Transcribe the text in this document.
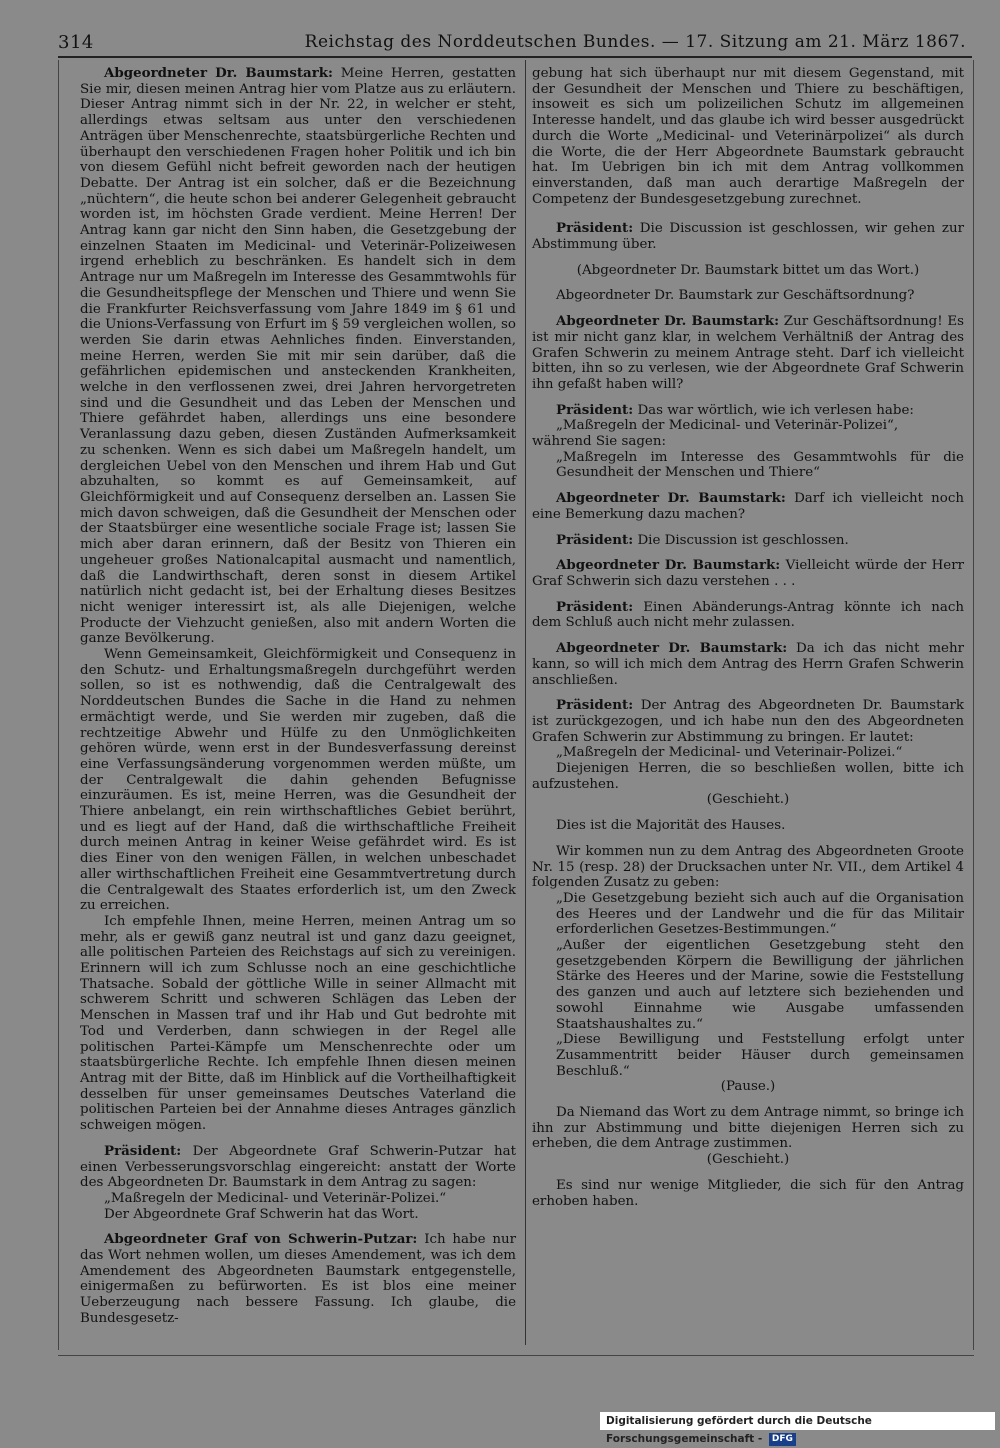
314	Reichstag des Norddeutschen Bundes. — 17. Sitzung am 21. März 1867.

Abgeordneter Dr. Baumstark: Meine Herren, gestatten Sie mir, diesen meinen Antrag hier vom Platze aus zu erläutern. Dieser Antrag nimmt sich in der Nr. 22, in welcher er steht, allerdings etwas seltsam aus unter den verschiedenen Anträgen über Menschenrechte, staatsbürgerliche Rechten und überhaupt den verschiedenen Fragen hoher Politik und ich bin von diesem Gefühl nicht befreit geworden nach der heutigen Debatte. Der Antrag ist ein solcher, daß er die Bezeichnung „nüchtern“, die heute schon bei anderer Gelegenheit gebraucht worden ist, im höchsten Grade verdient. Meine Herren! Der Antrag kann gar nicht den Sinn haben, die Gesetzgebung der einzelnen Staaten im Medicinal- und Veterinär-Polizeiwesen irgend erheblich zu beschränken. Es handelt sich in dem Antrage nur um Maßregeln im Interesse des Gesammtwohls für die Gesundheitspflege der Menschen und Thiere und wenn Sie die Frankfurter Reichsverfassung vom Jahre 1849 im § 61 und die Unions-Verfassung von Erfurt im § 59 vergleichen wollen, so werden Sie darin etwas Aehnliches finden. Einverstanden, meine Herren, werden Sie mit mir sein darüber, daß die gefährlichen epidemischen und ansteckenden Krankheiten, welche in den verflossenen zwei, drei Jahren hervorgetreten sind und die Gesundheit und das Leben der Menschen und Thiere gefährdet haben, allerdings uns eine besondere Veranlassung dazu geben, diesen Zuständen Aufmerksamkeit zu schenken. Wenn es sich dabei um Maßregeln handelt, um dergleichen Uebel von den Menschen und ihrem Hab und Gut abzuhalten, so kommt es auf Gemeinsamkeit, auf Gleichförmigkeit und auf Consequenz derselben an. Lassen Sie mich davon schweigen, daß die Gesundheit der Menschen oder der Staatsbürger eine wesentliche sociale Frage ist; lassen Sie mich aber daran erinnern, daß der Besitz von Thieren ein ungeheuer großes Nationalcapital ausmacht und namentlich, daß die Landwirthschaft, deren sonst in diesem Artikel natürlich nicht gedacht ist, bei der Erhaltung dieses Besitzes nicht weniger interessirt ist, als alle Diejenigen, welche Producte der Viehzucht genießen, also mit andern Worten die ganze Bevölkerung.

Wenn Gemeinsamkeit, Gleichförmigkeit und Consequenz in den Schutz- und Erhaltungsmaßregeln durchgeführt werden sollen, so ist es nothwendig, daß die Centralgewalt des Norddeutschen Bundes die Sache in die Hand zu nehmen ermächtigt werde, und Sie werden mir zugeben, daß die rechtzeitige Abwehr und Hülfe zu den Unmöglichkeiten gehören würde, wenn erst in der Bundesverfassung dereinst eine Verfassungsänderung vorgenommen werden müßte, um der Centralgewalt die dahin gehenden Befugnisse einzuräumen. Es ist, meine Herren, was die Gesundheit der Thiere anbelangt, ein rein wirthschaftliches Gebiet berührt, und es liegt auf der Hand, daß die wirthschaftliche Freiheit durch meinen Antrag in keiner Weise gefährdet wird. Es ist dies Einer von den wenigen Fällen, in welchen unbeschadet aller wirthschaftlichen Freiheit eine Gesammtvertretung durch die Centralgewalt des Staates erforderlich ist, um den Zweck zu erreichen.

Ich empfehle Ihnen, meine Herren, meinen Antrag um so mehr, als er gewiß ganz neutral ist und ganz dazu geeignet, alle politischen Parteien des Reichstags auf sich zu vereinigen. Erinnern will ich zum Schlusse noch an eine geschichtliche Thatsache. Sobald der göttliche Wille in seiner Allmacht mit schwerem Schritt und schweren Schlägen das Leben der Menschen in Massen traf und ihr Hab und Gut bedrohte mit Tod und Verderben, dann schwiegen in der Regel alle politischen Partei-Kämpfe um Menschenrechte oder um staatsbürgerliche Rechte. Ich empfehle Ihnen diesen meinen Antrag mit der Bitte, daß im Hinblick auf die Vortheilhaftigkeit desselben für unser gemeinsames Deutsches Vaterland die politischen Parteien bei der Annahme dieses Antrages gänzlich schweigen mögen.

Präsident: Der Abgeordnete Graf Schwerin-Putzar hat einen Verbesserungsvorschlag eingereicht: anstatt der Worte des Abgeordneten Dr. Baumstark in dem Antrag zu sagen:

„Maßregeln der Medicinal- und Veterinär-Polizei.“

Der Abgeordnete Graf Schwerin hat das Wort.

Abgeordneter Graf von Schwerin-Putzar: Ich habe nur das Wort nehmen wollen, um dieses Amendement, was ich dem Amendement des Abgeordneten Baumstark entgegenstelle, einigermaßen zu befürworten. Es ist blos eine meiner Ueberzeugung nach bessere Fassung. Ich glaube, die Bundesgesetz-

gebung hat sich überhaupt nur mit diesem Gegenstand, mit der Gesundheit der Menschen und Thiere zu beschäftigen, insoweit es sich um polizeilichen Schutz im allgemeinen Interesse handelt, und das glaube ich wird besser ausgedrückt durch die Worte „Medicinal- und Veterinärpolizei“ als durch die Worte, die der Herr Abgeordnete Baumstark gebraucht hat. Im Uebrigen bin ich mit dem Antrag vollkommen einverstanden, daß man auch derartige Maßregeln der Competenz der Bundesgesetzgebung zurechnet.

Präsident: Die Discussion ist geschlossen, wir gehen zur Abstimmung über.

(Abgeordneter Dr. Baumstark bittet um das Wort.)

Abgeordneter Dr. Baumstark zur Geschäftsordnung?

Abgeordneter Dr. Baumstark: Zur Geschäftsordnung! Es ist mir nicht ganz klar, in welchem Verhältniß der Antrag des Grafen Schwerin zu meinem Antrage steht. Darf ich vielleicht bitten, ihn so zu verlesen, wie der Abgeordnete Graf Schwerin ihn gefaßt haben will?

Präsident: Das war wörtlich, wie ich verlesen habe:

„Maßregeln der Medicinal- und Veterinär-Polizei“,

während Sie sagen:

„Maßregeln im Interesse des Gesammtwohls für die Gesundheit der Menschen und Thiere“

Abgeordneter Dr. Baumstark: Darf ich vielleicht noch eine Bemerkung dazu machen?

Präsident: Die Discussion ist geschlossen.

Abgeordneter Dr. Baumstark: Vielleicht würde der Herr Graf Schwerin sich dazu verstehen . . .

Präsident: Einen Abänderungs-Antrag könnte ich nach dem Schluß auch nicht mehr zulassen.

Abgeordneter Dr. Baumstark: Da ich das nicht mehr kann, so will ich mich dem Antrag des Herrn Grafen Schwerin anschließen.

Präsident: Der Antrag des Abgeordneten Dr. Baumstark ist zurückgezogen, und ich habe nun den des Abgeordneten Grafen Schwerin zur Abstimmung zu bringen. Er lautet:

„Maßregeln der Medicinal- und Veterinair-Polizei.“

Diejenigen Herren, die so beschließen wollen, bitte ich aufzustehen.

(Geschieht.)

Dies ist die Majorität des Hauses.

Wir kommen nun zu dem Antrag des Abgeordneten Groote Nr. 15 (resp. 28) der Drucksachen unter Nr. VII., dem Artikel 4 folgenden Zusatz zu geben:

„Die Gesetzgebung bezieht sich auch auf die Organisation des Heeres und der Landwehr und die für das Militair erforderlichen Gesetzes-Bestimmungen.“

„Außer der eigentlichen Gesetzgebung steht den gesetzgebenden Körpern die Bewilligung der jährlichen Stärke des Heeres und der Marine, sowie die Feststellung des ganzen und auch auf letztere sich beziehenden und sowohl Einnahme wie Ausgabe umfassenden Staatshaushaltes zu.“

„Diese Bewilligung und Feststellung erfolgt unter Zusammentritt beider Häuser durch gemeinsamen Beschluß.“

(Pause.)

Da Niemand das Wort zu dem Antrage nimmt, so bringe ich ihn zur Abstimmung und bitte diejenigen Herren sich zu erheben, die dem Antrage zustimmen.

(Geschieht.)

Es sind nur wenige Mitglieder, die sich für den Antrag erhoben haben.

Digitalisierung gefördert durch die Deutsche Forschungsgemeinschaft - DFG
